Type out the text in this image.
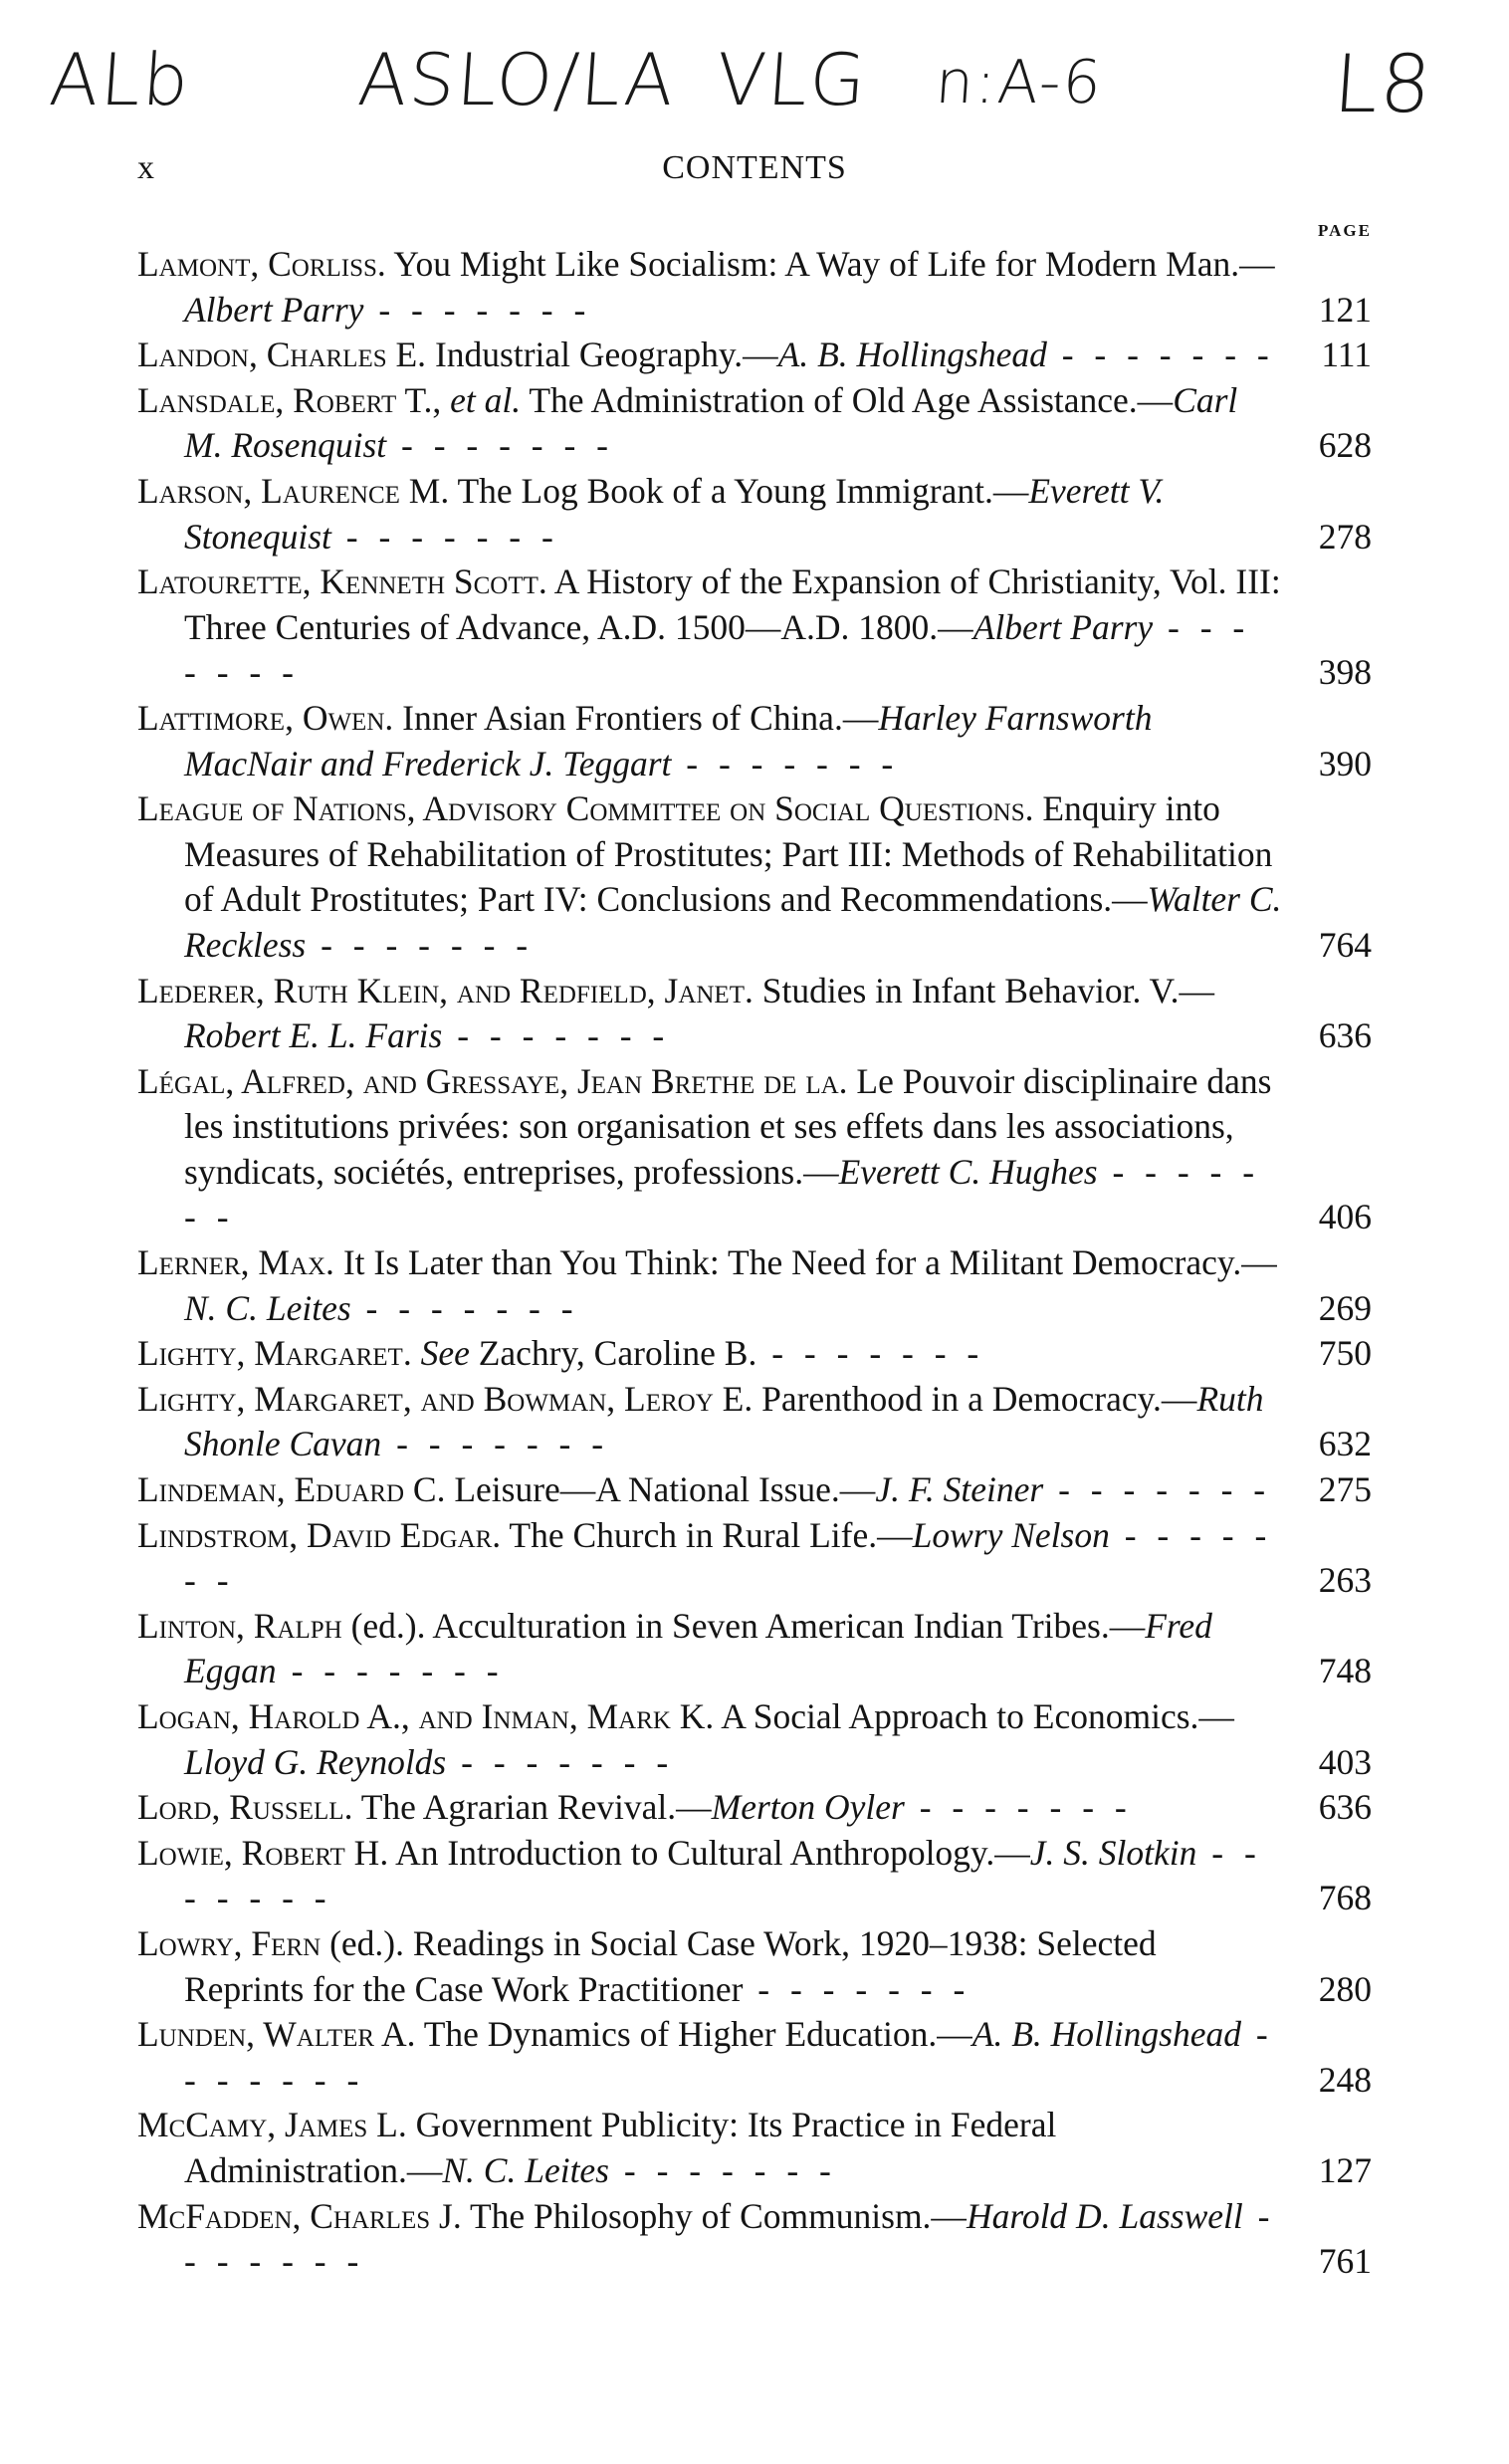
ALb ASLO/LA VLG n:A-6	L8
x	CONTENTS
PAGE
Lamont, Corliss. You Might Like Socialism: A Way of Life for Modern Man.—Albert Parry - - - - - - -	121
Landon, Charles E. Industrial Geography.—A. B. Hollingshead - - - - - - -	111
Lansdale, Robert T., et al. The Administration of Old Age Assistance.—Carl M. Rosenquist - - - - - - -	628
Larson, Laurence M. The Log Book of a Young Immigrant.—Everett V. Stonequist - - - - - - -	278
Latourette, Kenneth Scott. A History of the Expansion of Christianity, Vol. III: Three Centuries of Advance, A.D. 1500—A.D. 1800.—Albert Parry - - - - - - -	398
Lattimore, Owen. Inner Asian Frontiers of China.—Harley Farnsworth MacNair and Frederick J. Teggart - - - - - - -	390
League of Nations, Advisory Committee on Social Questions. Enquiry into Measures of Rehabilitation of Prostitutes; Part III: Methods of Rehabilitation of Adult Prostitutes; Part IV: Conclusions and Recommendations.—Walter C. Reckless - - - - - - -	764
Lederer, Ruth Klein, and Redfield, Janet. Studies in Infant Behavior. V.—Robert E. L. Faris - - - - - - -	636
Légal, Alfred, and Gressaye, Jean Brethe de la. Le Pouvoir disciplinaire dans les institutions privées: son organisation et ses effets dans les associations, syndicats, sociétés, entreprises, professions.—Everett C. Hughes - - - - - - -	406
Lerner, Max. It Is Later than You Think: The Need for a Militant Democracy.—N. C. Leites - - - - - - -	269
Lighty, Margaret. See Zachry, Caroline B. - - - - - - -	750
Lighty, Margaret, and Bowman, Leroy E. Parenthood in a Democracy.—Ruth Shonle Cavan - - - - - - -	632
Lindeman, Eduard C. Leisure—A National Issue.—J. F. Steiner - - - - - - -	275
Lindstrom, David Edgar. The Church in Rural Life.—Lowry Nelson - - - - - - -	263
Linton, Ralph (ed.). Acculturation in Seven American Indian Tribes.—Fred Eggan - - - - - - -	748
Logan, Harold A., and Inman, Mark K. A Social Approach to Economics.—Lloyd G. Reynolds - - - - - - -	403
Lord, Russell. The Agrarian Revival.—Merton Oyler - - - - - - -	636
Lowie, Robert H. An Introduction to Cultural Anthropology.—J. S. Slotkin - - - - - - -	768
Lowry, Fern (ed.). Readings in Social Case Work, 1920–1938: Selected Reprints for the Case Work Practitioner - - - - - - -	280
Lunden, Walter A. The Dynamics of Higher Education.—A. B. Hollingshead - - - - - - -	248
McCamy, James L. Government Publicity: Its Practice in Federal Administration.—N. C. Leites - - - - - - -	127
McFadden, Charles J. The Philosophy of Communism.—Harold D. Lasswell - - - - - - -	761
